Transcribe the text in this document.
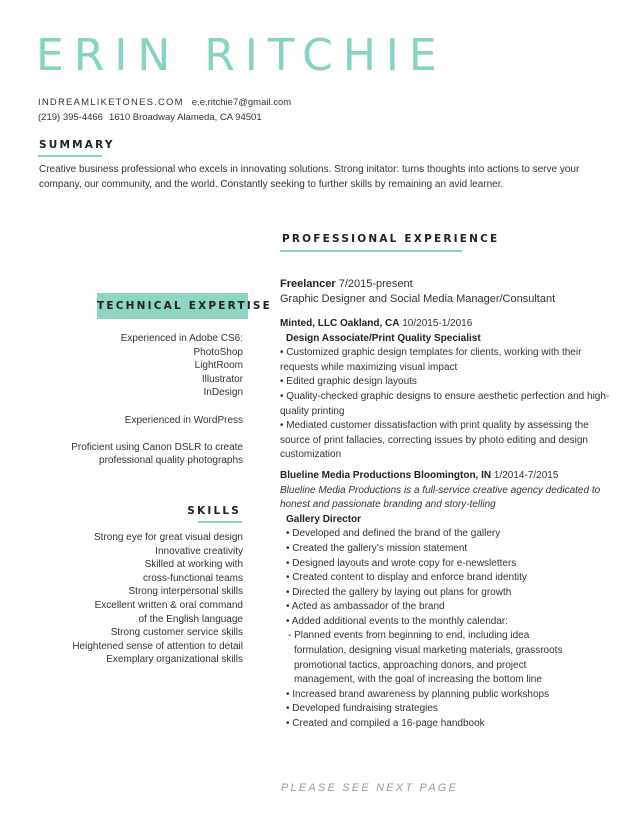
ERIN RITCHIE
INDREAMLIKETONES.COM e.e.ritchie7@gmail.com
(219) 395-4466 1610 Broadway Alameda, CA 94501
SUMMARY
Creative business professional who excels in innovating solutions. Strong initator: turns thoughts into actions to serve your
company, our community, and the world. Constantly seeking to further skills by remaining an avid learner.
PROFESSIONAL EXPERIENCE
TECHNICAL EXPERTISE
Experienced in Adobe CS6:
PhotoShop
LightRoom
Illustrator
InDesign
Experienced in WordPress
Proficient using Canon DSLR to create
professional quality photographs
SKILLS
Strong eye for great visual design
Innovative creativity
Skilled at working with
cross-functional teams
Strong interpersonal skills
Excellent written & oral command
of the English language
Strong customer service skills
Heightened sense of attention to detail
Exemplary organizational skills
Freelancer 7/2015-present
Graphic Designer and Social Media Manager/Consultant
Minted, LLC Oakland, CA 10/2015-1/2016
Design Associate/Print Quality Specialist
• Customized graphic design templates for clients, working with their
requests while maximizing visual impact
• Edited graphic design layouts
• Quality-checked graphic designs to ensure aesthetic perfection and high-
quality printing
• Mediated customer dissatisfaction with print quality by assessing the
source of print fallacies, correcting issues by photo editing and design
customization
Blueline Media Productions Bloomington, IN 1/2014-7/2015
Blueline Media Productions is a full-service creative agency dedicated to
honest and passionate branding and story-telling
Gallery Director
• Developed and defined the brand of the gallery
• Created the gallery’s mission statement
• Designed layouts and wrote copy for e-newsletters
• Created content to display and enforce brand identity
• Directed the gallery by laying out plans for growth
• Acted as ambassador of the brand
• Added additional events to the monthly calendar:
- Planned events from beginning to end, including idea
formulation, designing visual marketing materials, grassroots
promotional tactics, approaching donors, and project
management, with the goal of increasing the bottom line
• Increased brand awareness by planning public workshops
• Developed fundraising strategies
• Created and compiled a 16-page handbook
PLEASE SEE NEXT PAGE
